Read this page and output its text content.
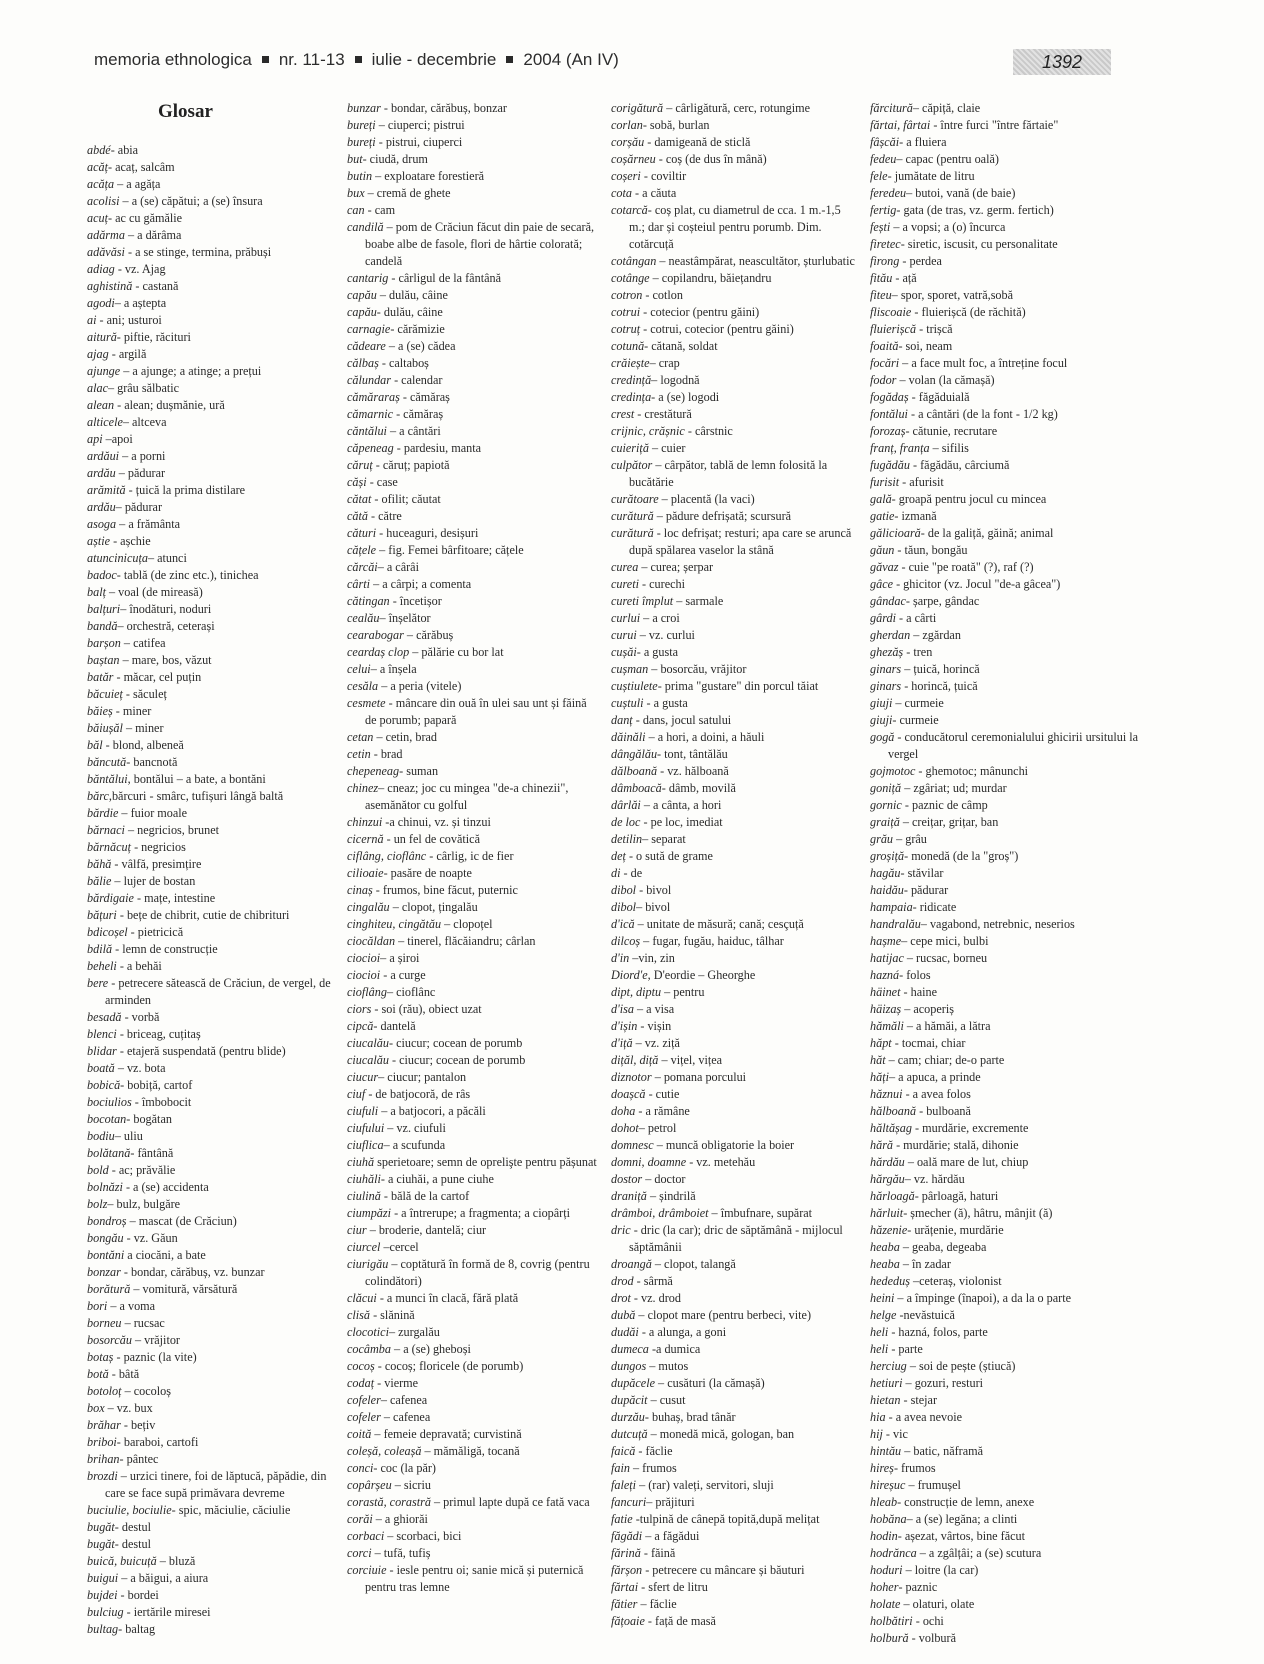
memoria ethnologica nr. 11-13 iulie - decembrie 2004 (An IV)	1392
Glosar
abdé- abia
acăț- acaț, salcâm
acăța – a agăța
acolisi – a (se) căpătui; a (se) însura
acuț- ac cu gămălie
adărma – a dărâma
adăvăsi - a se stinge, termina, prăbuși
adiag - vz. Ajag
aghistină - castană
agodi– a aștepta
ai - ani; usturoi
aitură- piftie, răcituri
ajag - argilă
ajunge – a ajunge; a atinge; a prețui
alac– grâu sălbatic
alean - alean; dușmănie, ură
alticele– altceva
api –apoi
ardăui – a porni
ardău – pădurar
arămită - țuică la prima distilare
ardău– pădurar
asoga – a frământa
aștie - așchie
atuncinicuța– atunci
badoc- tablă (de zinc etc.), tinichea
balț – voal (de mireasă)
balțuri– înodături, noduri
bandă– orchestră, ceterași
barșon – catifea
baștan – mare, bos, văzut
batăr - măcar, cel puțin
băcuieț - săculeț
băieș - miner
băiușăl – miner
băl - blond, albeneă
băncută- bancnotă
băntălui, bontălui – a bate, a bontăni
bărc,bărcuri - smârc, tufișuri lângă baltă
bărdie – fuior moale
bărnaci – negricios, brunet
bărnăcuț - negricios
băhă - vâlfă, presimțire
bălie – lujer de bostan
bărdigaie - mațe, intestine
bățuri - bețe de chibrit, cutie de chibrituri
bdicoșel - pietricică
bdilă - lemn de construcție
beheli - a behăi
bere - petrecere sătească de Crăciun, de vergel, de arminden
besadă - vorbă
blenci - briceag, cuțitaș
blidar - etajeră suspendată (pentru blide)
boată – vz. bota
bobică- bobiță, cartof
bociulios - îmbobocit
bocotan- bogătan
bodiu– uliu
bolătană- fântână
bold - ac; prăvălie
bolnăzi - a (se) accidenta
bolz– bulz, bulgăre
bondroș – mascat (de Crăciun)
bongău - vz. Găun
bontăni a ciocăni, a bate
bonzar - bondar, cărăbuș, vz. bunzar
borătură – vomitură, vărsătură
bori – a voma
borneu – rucsac
bosorcău – vrăjitor
botaș - paznic (la vite)
botă - bâtă
botoloț – cocoloș
box – vz. bux
brăhar - bețiv
briboi- baraboi, cartofi
brihan- pântec
brozdi – urzici tinere, foi de lăptucă, păpădie, din care se face supă primăvara devreme
buciulie, bociulie- spic, măciulie, căciulie
bugăt- destul
bugăt- destul
buică, buicuță – bluză
buigui – a băigui, a aiura
bujdei - bordei
bulciug - iertările miresei
bultag- baltag
bunzar - bondar, cărăbuș, bonzar
bureți – ciuperci; pistrui
bureți - pistrui, ciuperci
but- ciudă, drum
butin – exploatare forestieră
bux – cremă de ghete
can - cam
candilă – pom de Crăciun făcut din paie de secară, boabe albe de fasole, flori de hârtie colorată; candelă
cantarig - cârligul de la fântână
capău – dulău, câine
capău- dulău, câine
carnagie- cărămizie
cădeare – a (se) cădea
călbaș - caltaboș
călundar - calendar
cămăraraș - cămăraș
cămarnic - cămăraș
căntălui – a cântări
căpeneag - pardesiu, manta
căruț - căruț; papiotă
căși - case
cătat - ofilit; căutat
cătă - către
cături - huceaguri, desișuri
cățele – fig. Femei bârfitoare; cățele
cărcăi– a cârâi
cârti – a cârpi; a comenta
cătingan - încetișor
cealău– înșelător
cearabogar – cărăbuș
ceardaș clop – pălărie cu bor lat
celui– a înșela
cesăla – a peria (vitele)
cesmete - mâncare din ouă în ulei sau unt și făină de porumb; papară
cetan – cetin, brad
cetin - brad
chepeneag- suman
chinez– cneaz; joc cu mingea "de-a chinezii", asemănător cu golful
chinzui -a chinui, vz. și tinzui
cicernă - un fel de covătică
ciflâng, cioflânc - cârlig, ic de fier
cilioaie- pasăre de noapte
cinaș - frumos, bine făcut, puternic
cingalău – clopot, țingalău
cinghiteu, cingătău – clopoțel
ciocăldan – tinerel, flăcăiandru; cârlan
ciocioi– a șiroi
ciocioi - a curge
cioflâng– cioflânc
ciors - soi (rău), obiect uzat
cipcă- dantelă
ciucalău- ciucur; cocean de porumb
ciucalău - ciucur; cocean de porumb
ciucur– ciucur; pantalon
ciuf - de batjocoră, de râs
ciufuli – a batjocori, a păcăli
ciufului – vz. ciufuli
ciuflica– a scufunda
ciuhă sperietoare; semn de oprelişte pentru pășunat
ciuhăli- a ciuhăi, a pune ciuhe
ciulină - bălă de la cartof
ciumpăzi - a întrerupe; a fragmenta; a ciopârți
ciur – broderie, dantelă; ciur
ciurcel –cercel
ciurigău – coptătură în formă de 8, covrig (pentru colindători)
clăcui - a munci în clacă, fără plată
clisă - slănină
clocotici– zurgalău
cocâmba – a (se) gheboși
cocoș - cocoș; floricele (de porumb)
codaț - vierme
cofeler– cafenea
cofeler – cafenea
coită – femeie depravată; curvistină
coleșă, coleașă – mămăligă, tocană
conci- coc (la păr)
copârșeu – sicriu
corastă, corastră – primul lapte după ce fată vaca
corăi – a ghiorăi
corbaci – scorbaci, bici
corci – tufă, tufiș
corciuie - iesle pentru oi; sanie mică și puternică pentru tras lemne
corigătură – cârligătură, cerc, rotungime
corlan- sobă, burlan
corșău - damigeană de sticlă
coșărneu - coș (de dus în mână)
coșeri - coviltir
cota - a căuta
cotarcă- coș plat, cu diametrul de cca. 1 m.-1,5 m.; dar și coșteiul pentru porumb. Dim. cotărcuță
cotângan – neastâmpărat, neascultător, șturlubatic
cotânge – copilandru, băiețandru
cotron - cotlon
cotrui - cotecior (pentru găini)
cotruț - cotrui, cotecior (pentru găini)
cotună- cătană, soldat
crăiește– crap
credință– logodnă
credința- a (se) logodi
crest - crestătură
crijnic, crășnic - cârstnic
cuieriță – cuier
culpător – cârpător, tablă de lemn folosită la bucătărie
curătoare – placentă (la vaci)
curătură – pădure defrișată; scursură
curătură - loc defrișat; resturi; apa care se aruncă după spălarea vaselor la stână
curea – curea; șerpar
cureti - curechi
cureti împlut – sarmale
curlui – a croi
curui – vz. curlui
cușăi- a gusta
cușman – bosorcău, vrăjitor
cuștiulete- prima "gustare" din porcul tăiat
cuștuli - a gusta
danț - dans, jocul satului
dăinăli – a hori, a doini, a hăuli
dângălău- tont, tântălău
dălboană - vz. hălboană
dâmboacă- dâmb, movilă
dârlăi – a cânta, a hori
de loc - pe loc, imediat
detilin– separat
deț - o sută de grame
di - de
dibol - bivol
dibol– bivol
d'ică – unitate de măsură; cană; cesçuță
dilcoș – fugar, fugău, haiduc, tâlhar
d'in –vin, zin
Diord'e, D'eordie – Gheorghe
dipt, diptu – pentru
d'isa – a visa
d'ișin - vișin
d'iță – vz. ziță
dițăl, diță – vițel, vițea
diznotor – pomana porcului
doașcă - cutie
doha - a rămâne
dohot– petrol
domnesc – muncă obligatorie la boier
domni, doamne - vz. metehău
dostor – doctor
draniță – șindrilă
drâmboi, drâmboiet – îmbufnare, supărat
dric - dric (la car); dric de săptămână - mijlocul săptămânii
droangă – clopot, talangă
drod - sârmă
drot - vz. drod
dubă – clopot mare (pentru berbeci, vite)
dudăi - a alunga, a goni
dumeca -a dumica
dungos – mutos
dupăcele – cusături (la cămașă)
dupăcit – cusut
durzău- buhaș, brad tânăr
dutcuță – monedă mică, gologan, ban
faică - făclie
fain – frumos
faleți – (rar) valeți, servitori, sluji
fancuri– prăjituri
fatie -tulpină de cânepă topită,după melițat
făgădi – a făgădui
fărină - făină
fărșon - petrecere cu mâncare și băuturi
fărtai - sfert de litru
fătier – făclie
fățoaie - față de masă
fărcitură– căpiță, claie
fărtai, fârtai - între furci "între fărtaie"
fâșcăi- a fluiera
fedeu– capac (pentru oală)
fele- jumătate de litru
feredeu– butoi, vană (de baie)
fertig- gata (de tras, vz. germ. fertich)
fești – a vopsi; a (o) încurca
firetec- siretic, iscusit, cu personalitate
firong - perdea
fitău - ață
fiteu– spor, sporet, vatră,sobă
fliscoaie - fluierișcă (de răchită)
fluierișcă - trișcă
foaită- soi, neam
focări – a face mult foc, a întreține focul
fodor – volan (la cămașă)
fogădaș - făgăduială
fontălui - a cântări (de la font - 1/2 kg)
forozaș- cătunie, recrutare
franț, franța – sifilis
fugădău - făgădău, cârciumă
furisit - afurisit
gală- groapă pentru jocul cu mincea
gatie- izmană
gălicioară- de la galiță, găină; animal
găun - tăun, bongău
găvaz - cuie "pe roată" (?), raf (?)
gâce - ghicitor (vz. Jocul "de-a gâcea")
gândac- șarpe, gândac
gârdi - a cârti
gherdan – zgărdan
ghezăș - tren
ginars – țuică, horincă
ginars - horincă, țuică
giuji – curmeie
giuji- curmeie
gogă - conducătorul ceremonialului ghicirii ursitului la vergel
gojmotoc - ghemotoc; mânunchi
goniță – zgâriat; ud; murdar
gornic - paznic de câmp
graiță – creițar, grițar, ban
grău – grâu
groșiță- monedă (de la "groș")
hagău- stăvilar
haidău- pădurar
hampaia- ridicate
handralău– vagabond, netrebnic, neserios
hașme– cepe mici, bulbi
hatijac – rucsac, borneu
hazná- folos
häinet - haine
häizaș – acoperiș
hămăli – a hămăi, a lătra
hăpt - tocmai, chiar
hăt – cam; chiar; de-o parte
hăți– a apuca, a prinde
hăznui - a avea folos
hălboană - bulboană
hăltășag - murdărie, excremente
hără - murdărie; stală, dihonie
hărdău – oală mare de lut, chiup
hărgău– vz. hărdău
hărloagă- pârloagă, haturi
hărluit- șmecher (ă), hâtru, mânjit (ă)
hăzenie- urățenie, murdărie
heaba – geaba, degeaba
heaba – în zadar
hededuș –ceteraș, violonist
heini – a împinge (înapoi), a da la o parte
helge -nevăstuică
heli - hazná, folos, parte
heli - parte
herciug – soi de pește (știucă)
hetiuri – gozuri, resturi
hietan - stejar
hia - a avea nevoie
hij - vic
hintău – batic, năframă
hireș- frumos
hireșuc – frumușel
hleab- construcție de lemn, anexe
hobăna– a (se) legăna; a clinti
hodin- așezat, vârtos, bine făcut
hodrănca – a zgâlțâi; a (se) scutura
hoduri – loitre (la car)
hoher- paznic
holate – olaturi, olate
holbătiri - ochi
holbură - volbură
